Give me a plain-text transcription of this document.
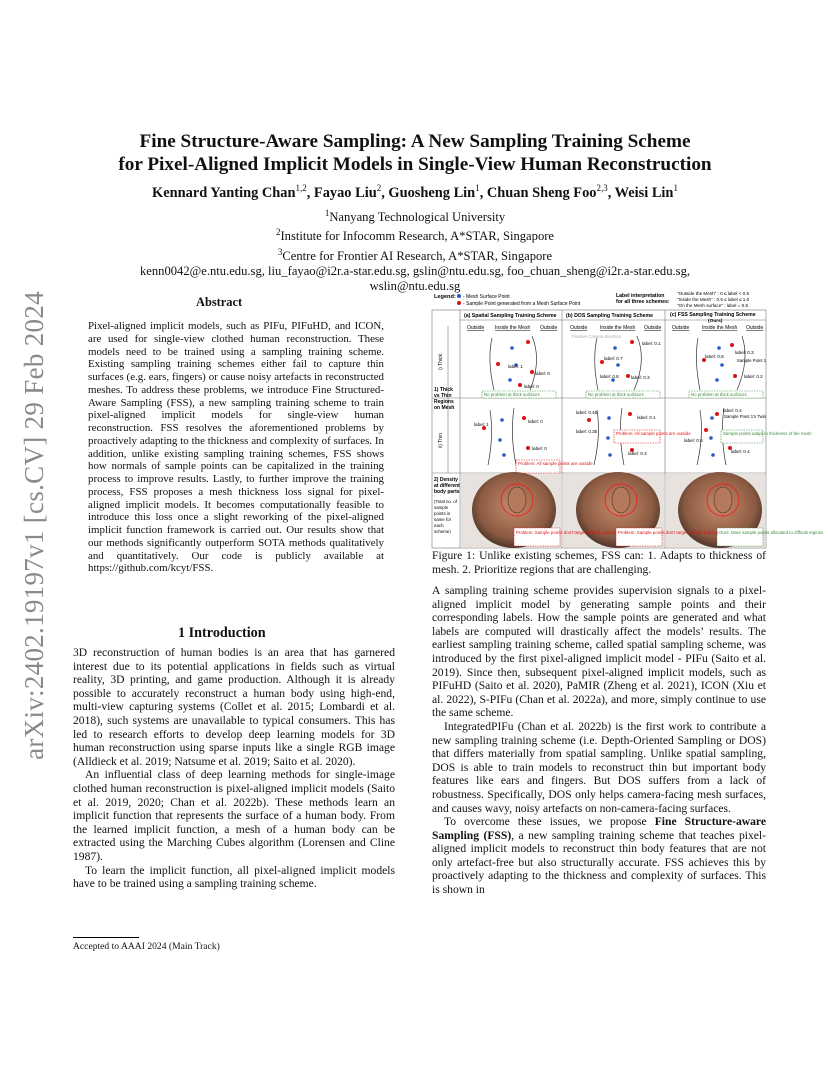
arXiv:2402.19197v1 [cs.CV] 29 Feb 2024
Fine Structure-Aware Sampling: A New Sampling Training Scheme
for Pixel-Aligned Implicit Models in Single-View Human Reconstruction
Kennard Yanting Chan$^{1,2}$, Fayao Liu$^2$, Guosheng Lin$^1$, Chuan Sheng Foo$^{2,3}$, Weisi Lin$^1$
$^1$Nanyang Technological University
$^2$Institute for Infocomm Research, A*STAR, Singapore
$^3$Centre for Frontier AI Research, A*STAR, Singapore
kenn0042@e.ntu.edu.sg, liu_fayao@i2r.a-star.edu.sg, gslin@ntu.edu.sg, foo_chuan_sheng@i2r.a-star.edu.sg,
wslin@ntu.edu.sg
Abstract

Pixel-aligned implicit models, such as PIFu, PIFuHD, and ICON, are used for single-view clothed human reconstruction. These models need to be trained using a sampling training scheme. Existing sampling training schemes either fail to capture thin surfaces (e.g. ears, fingers) or cause noisy artefacts in reconstructed meshes. To address these problems, we introduce Fine Structured-Aware Sampling (FSS), a new sampling training scheme to train pixel-aligned implicit models for single-view human reconstruction. FSS resolves the aforementioned problems by proactively adapting to the thickness and complexity of surfaces. In addition, unlike existing sampling training schemes, FSS shows how normals of sample points can be capitalized in the training process to improve results. Lastly, to further improve the training process, FSS proposes a mesh thickness loss signal for pixel-aligned implicit models. It becomes computationally feasible to introduce this loss once a slight reworking of the pixel-aligned implicit function framework is carried out. Our results show that our methods significantly outperform SOTA methods qualitatively and quantitatively. Our code is publicly available at https://github.com/kcyt/FSS.

1 Introduction

3D reconstruction of human bodies is an area that has garnered interest due to its potential applications in fields such as virtual reality, 3D printing, and game production. Although it is already possible to accurately reconstruct a human body using high-end, multi-view capturing systems (Collet et al. 2015; Lombardi et al. 2018), such systems are unavailable to typical consumers. This has led to research efforts to develop deep learning models for 3D human reconstruction using sparse inputs like a single RGB image (Alldieck et al. 2019; Natsume et al. 2019; Saito et al. 2020).

An influential class of deep learning methods for single-image clothed human reconstruction is pixel-aligned implicit models (Saito et al. 2019, 2020; Chan et al. 2022b). These methods learn an implicit function that represents the surface of a human body. From the learned implicit function, a mesh of a human body can be extracted using the Marching Cubes algorithm (Lorensen and Cline 1987).

To learn the implicit function, all pixel-aligned implicit models have to be trained using a sampling training scheme.

Accepted to AAAI 2024 (Main Track)
Legend: - Mesh Surface Point
- Sample Point generated from a Mesh Surface Point
Label interpretation
for all three schemes:
"Outside the Mesh" : 0 ≤ label < 0.5
"Inside the Mesh" : 0.5 ≤ label ≤ 1.0
"On the Mesh surface" : label = 0.5
(a) Spatial Sampling Training Scheme (b) DOS Sampling Training Scheme	(c) FSS Sampling Training Scheme
(Ours)
Outside Inside the Mesh Outside	Outside	Inside the Mesh Outside Outside	Inside the Mesh Outside
1) Thick
vs Thin
Regions
on Mesh
i) Thick
ii) Thin
2) Density
at different
body parts
(Total no. of
sample
points is
same for
each
scheme)
label: 1
label: 0
label: 0
label: 0.1
label: 0.7
label: 0.3
label: 0.8
label: 0.8
label: 0.3
label: 0.2
label: 1
label: 0
label: 0
label: 0.45
label: 0.35
label: 0.1
label: 0.3
label: 0.4
label: 0.6
label: 0.4
Positive Camera direction
Sample Point 1
Sample Point 1's Twin
No problem at thick surfaces	No problem at thick surfaces	No problem at thick surfaces
Problem: All sample points are outside
Problem: All sample points are outside	Sample points adapt to thickness of the mesh
Problem: Sample points don't target difficult regions Problem: Sample points don't target difficult regions Ours: More sample points allocated to difficult regions

Figure 1: Unlike existing schemes, FSS can: 1. Adapts to thickness of mesh. 2. Prioritize regions that are challenging.

A sampling training scheme provides supervision signals to a pixel-aligned implicit model by generating sample points and their corresponding labels. How the sample points are generated and what labels are computed will drastically affect the models’ results. The earliest sampling training scheme, called spatial sampling scheme, was introduced by the first pixel-aligned implicit model - PIFu (Saito et al. 2019). Since then, subsequent pixel-aligned implicit models, such as PIFuHD (Saito et al. 2020), PaMIR (Zheng et al. 2021), ICON (Xiu et al. 2022), S-PIFu (Chan et al. 2022a), and more, simply continue to use the same scheme.

IntegratedPIFu (Chan et al. 2022b) is the first work to contribute a new sampling training scheme (i.e. Depth-Oriented Sampling or DOS) that differs materially from spatial sampling. Unlike spatial sampling, DOS is able to train models to reconstruct thin but important body features like ears and fingers. But DOS suffers from a lack of robustness. Specifically, DOS only helps camera-facing mesh surfaces, and causes wavy, noisy artefacts on non-camera-facing surfaces.

To overcome these issues, we propose Fine Structure-aware Sampling (FSS), a new sampling training scheme that teaches pixel-aligned implicit models to reconstruct thin body features that are not only artefact-free but also structurally accurate. FSS achieves this by proactively adapting to the thickness and complexity of surfaces. This is shown in
